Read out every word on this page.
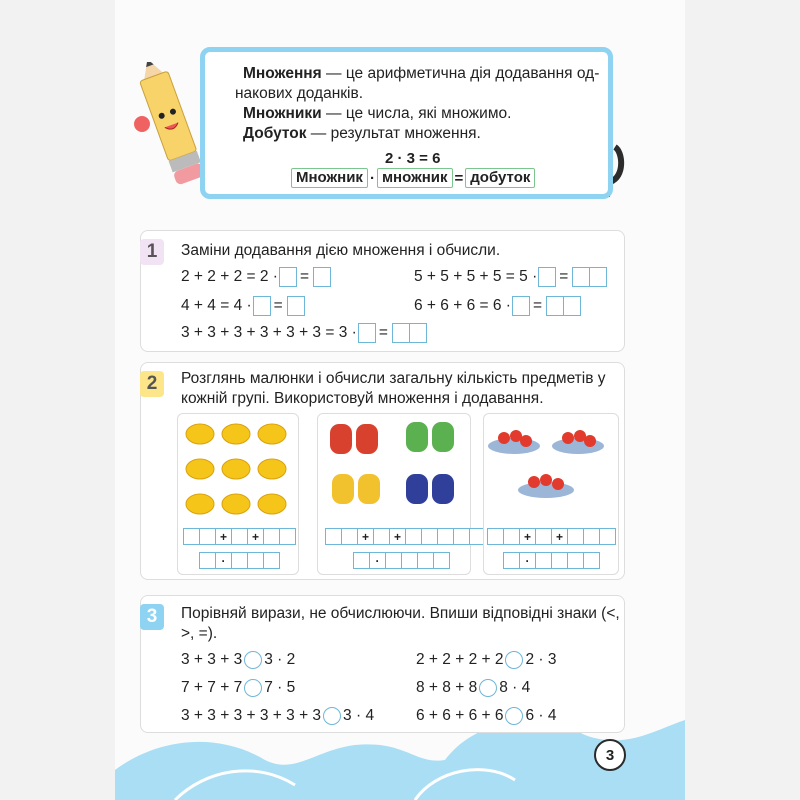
Множення — це арифметична дія додавання од-

накових доданків.

Множники — це числа, які множимо.

Добуток — результат множення.

2 · 3 = 6
Множник · множник = добуток
1	Заміни додавання дією множення і обчисли.
2 + 2 + 2 = 2 · =	5 + 5 + 5 + 5 = 5 · =
4 + 4 = 4 · =	6 + 6 + 6 = 6 · =
3 + 3 + 3 + 3 + 3 + 3 = 3 · =
2	Розглянь малюнки і обчисли загальну кількість предметів у кожній групі. Використовуй множення і додавання.
+	+
·
+	+
·
+	+
·
3	Порівняй вирази, не обчислюючи. Впиши відповідні знаки (<, >, =).
3 + 3 + 3 3 · 2	2 + 2 + 2 + 2 2 · 3
7 + 7 + 7 7 · 5	8 + 8 + 8 8 · 4
3 + 3 + 3 + 3 + 3 + 3 3 · 4	6 + 6 + 6 + 6 6 · 4
3
